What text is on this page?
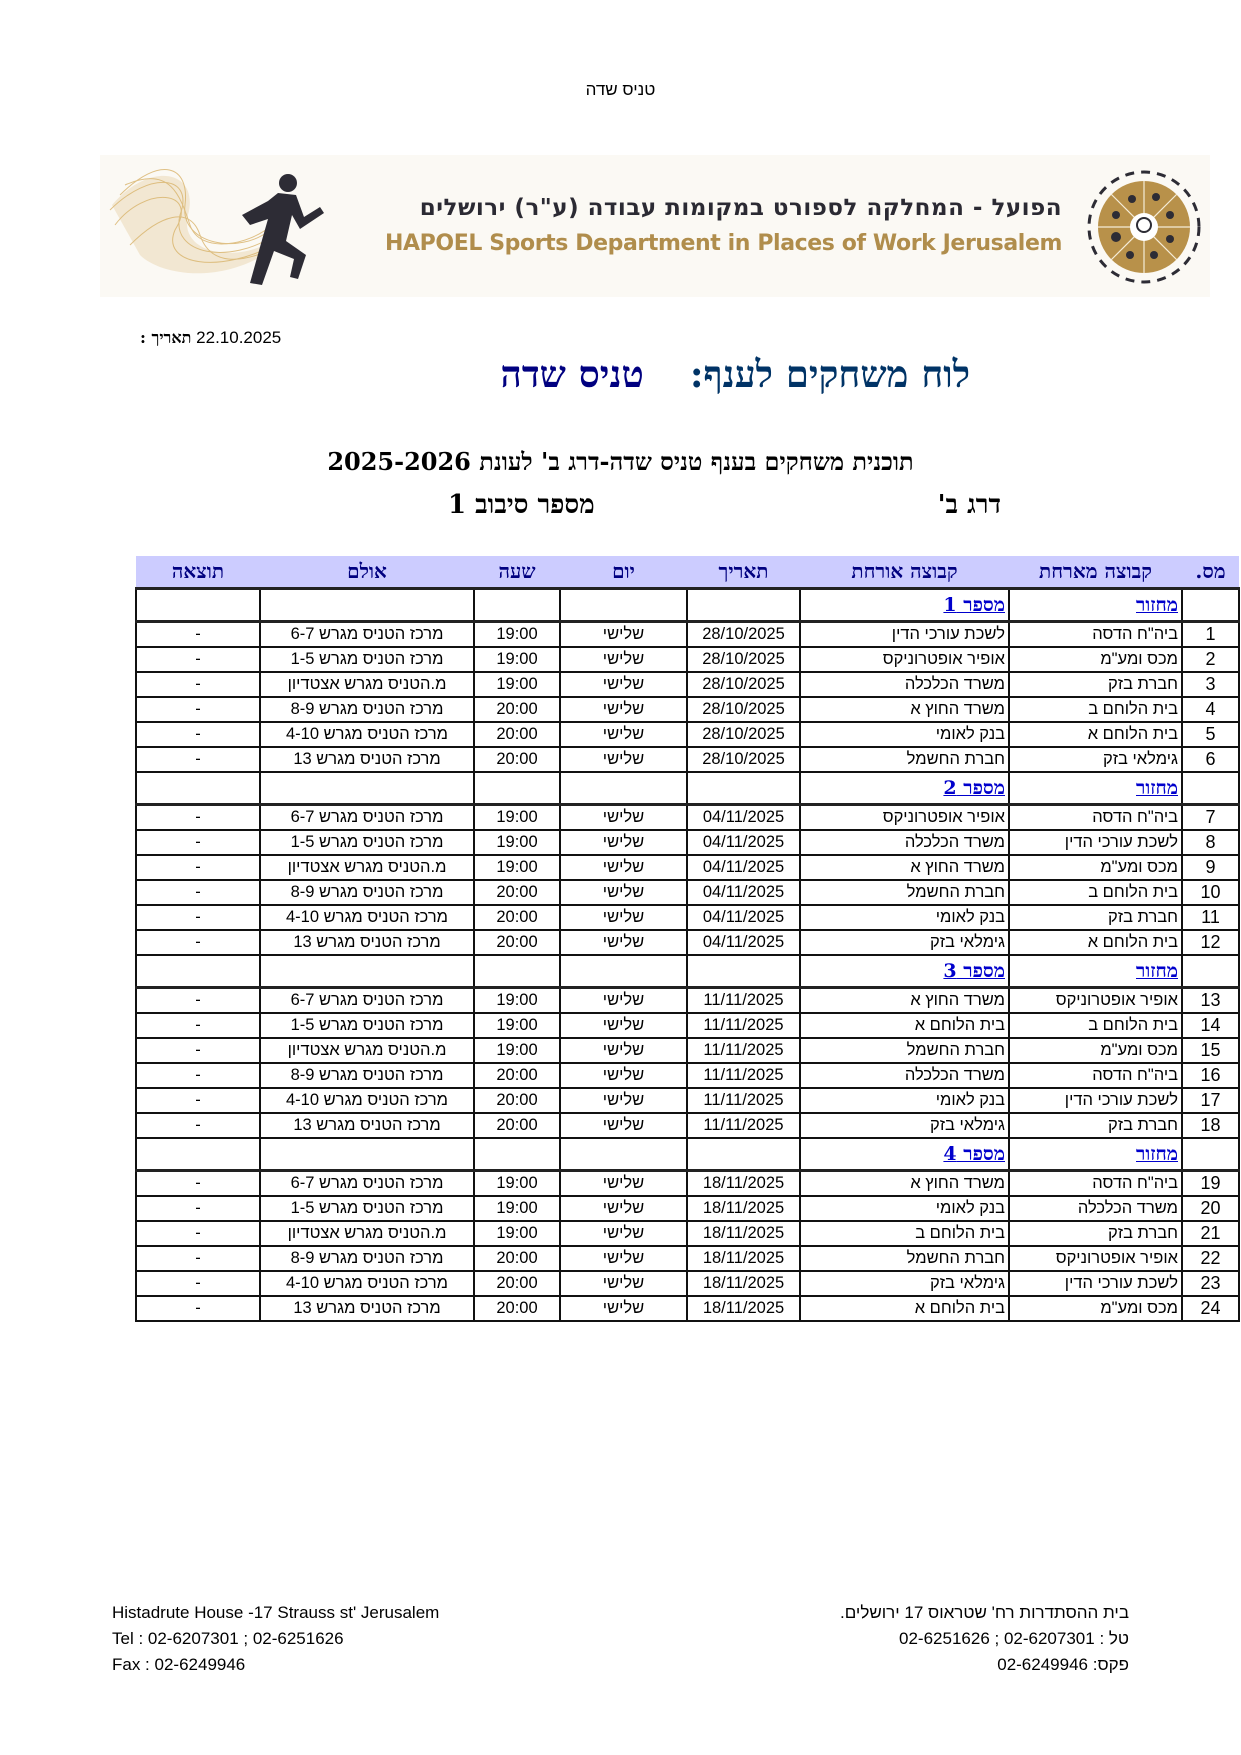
טניס שדה
הפועל - המחלקה לספורט במקומות עבודה (ע"ר) ירושלים
HAPOEL Sports Department in Places of Work Jerusalem
22.10.2025 תאריך :
לוח משחקים לענף:טניס שדה
תוכנית משחקים בענף טניס שדה-דרג ב' לעונת 2025-2026
דרג ב'
מספר סיבוב 1
מס.	קבוצה מארחת	קבוצה אורחת	תאריך	יום	שעה	אולם	תוצאה
	מחזור	מספר 1					
1	ביה"ח הדסה	לשכת עורכי הדין	28/10/2025	שלישי	19:00	מרכז הטניס מגרש 6-7	-
2	מכס ומע"מ	אופיר אופטרוניקס	28/10/2025	שלישי	19:00	מרכז הטניס מגרש 1-5	-
3	חברת בזק	משרד הכלכלה	28/10/2025	שלישי	19:00	מ.הטניס מגרש אצטדיון	-
4	בית הלוחם ב	משרד החוץ א	28/10/2025	שלישי	20:00	מרכז הטניס מגרש 8-9	-
5	בית הלוחם א	בנק לאומי	28/10/2025	שלישי	20:00	מרכז הטניס מגרש 4-10	-
6	גימלאי בזק	חברת החשמל	28/10/2025	שלישי	20:00	מרכז הטניס מגרש 13	-
	מחזור	מספר 2					
7	ביה"ח הדסה	אופיר אופטרוניקס	04/11/2025	שלישי	19:00	מרכז הטניס מגרש 6-7	-
8	לשכת עורכי הדין	משרד הכלכלה	04/11/2025	שלישי	19:00	מרכז הטניס מגרש 1-5	-
9	מכס ומע"מ	משרד החוץ א	04/11/2025	שלישי	19:00	מ.הטניס מגרש אצטדיון	-
10	בית הלוחם ב	חברת החשמל	04/11/2025	שלישי	20:00	מרכז הטניס מגרש 8-9	-
11	חברת בזק	בנק לאומי	04/11/2025	שלישי	20:00	מרכז הטניס מגרש 4-10	-
12	בית הלוחם א	גימלאי בזק	04/11/2025	שלישי	20:00	מרכז הטניס מגרש 13	-
	מחזור	מספר 3					
13	אופיר אופטרוניקס	משרד החוץ א	11/11/2025	שלישי	19:00	מרכז הטניס מגרש 6-7	-
14	בית הלוחם ב	בית הלוחם א	11/11/2025	שלישי	19:00	מרכז הטניס מגרש 1-5	-
15	מכס ומע"מ	חברת החשמל	11/11/2025	שלישי	19:00	מ.הטניס מגרש אצטדיון	-
16	ביה"ח הדסה	משרד הכלכלה	11/11/2025	שלישי	20:00	מרכז הטניס מגרש 8-9	-
17	לשכת עורכי הדין	בנק לאומי	11/11/2025	שלישי	20:00	מרכז הטניס מגרש 4-10	-
18	חברת בזק	גימלאי בזק	11/11/2025	שלישי	20:00	מרכז הטניס מגרש 13	-
	מחזור	מספר 4					
19	ביה"ח הדסה	משרד החוץ א	18/11/2025	שלישי	19:00	מרכז הטניס מגרש 6-7	-
20	משרד הכלכלה	בנק לאומי	18/11/2025	שלישי	19:00	מרכז הטניס מגרש 1-5	-
21	חברת בזק	בית הלוחם ב	18/11/2025	שלישי	19:00	מ.הטניס מגרש אצטדיון	-
22	אופיר אופטרוניקס	חברת החשמל	18/11/2025	שלישי	20:00	מרכז הטניס מגרש 8-9	-
23	לשכת עורכי הדין	גימלאי בזק	18/11/2025	שלישי	20:00	מרכז הטניס מגרש 4-10	-
24	מכס ומע"מ	בית הלוחם א	18/11/2025	שלישי	20:00	מרכז הטניס מגרש 13	-
בית ההסתדרות רח' שטראוס 17 ירושלים.
טל : 02-6207301 ; 02-6251626
פקס: 02-6249946
Histadrute House -17 Strauss st' Jerusalem
Tel : 02-6207301 ; 02-6251626
Fax : 02-6249946
